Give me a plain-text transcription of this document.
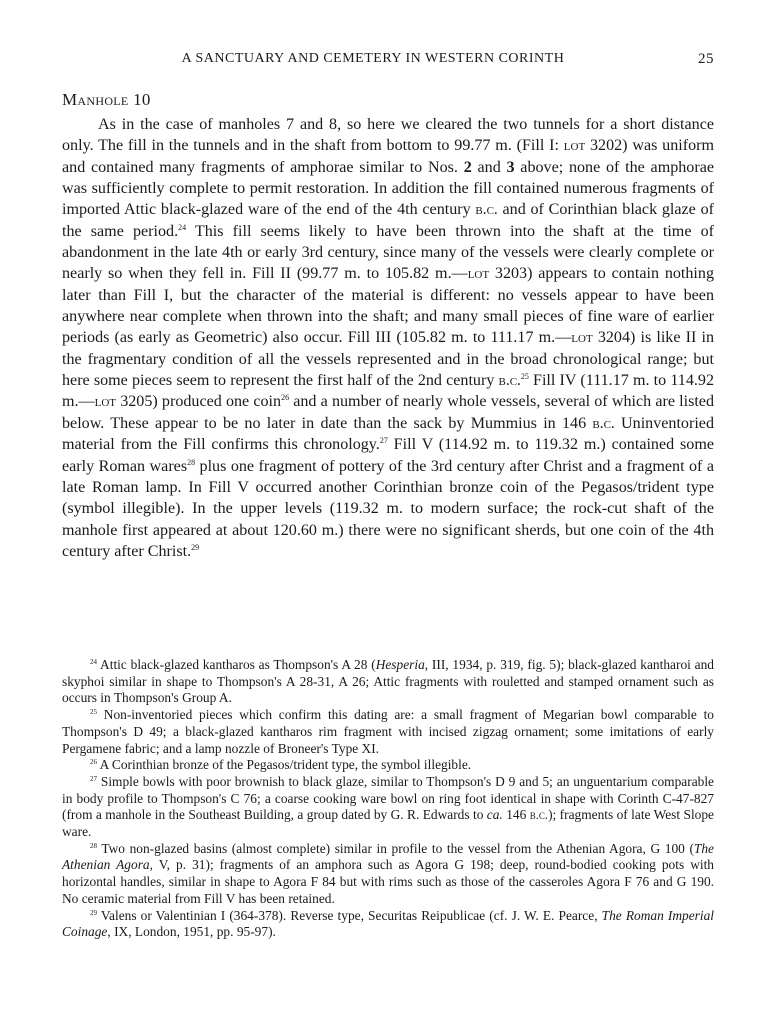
A SANCTUARY AND CEMETERY IN WESTERN CORINTH	25
Manhole 10

As in the case of manholes 7 and 8, so here we cleared the two tunnels for a short distance only. The fill in the tunnels and in the shaft from bottom to 99.77 m. (Fill I: lot 3202) was uniform and contained many fragments of amphorae similar to Nos. 2 and 3 above; none of the amphorae was sufficiently complete to permit restoration. In addition the fill contained numerous fragments of imported Attic black-glazed ware of the end of the 4th century b.c. and of Corinthian black glaze of the same period.$^{24}$ This fill seems likely to have been thrown into the shaft at the time of abandonment in the late 4th or early 3rd century, since many of the vessels were clearly complete or nearly so when they fell in. Fill II (99.77 m. to 105.82 m.—lot 3203) appears to contain nothing later than Fill I, but the character of the material is different: no vessels appear to have been anywhere near complete when thrown into the shaft; and many small pieces of fine ware of earlier periods (as early as Geometric) also occur. Fill III (105.82 m. to 111.17 m.—lot 3204) is like II in the fragmentary condition of all the vessels represented and in the broad chronological range; but here some pieces seem to represent the first half of the 2nd century b.c.$^{25}$ Fill IV (111.17 m. to 114.92 m.—lot 3205) produced one coin$^{26}$ and a number of nearly whole vessels, several of which are listed below. These appear to be no later in date than the sack by Mummius in 146 b.c. Uninventoried material from the Fill confirms this chronology.$^{27}$ Fill V (114.92 m. to 119.32 m.) contained some early Roman wares$^{28}$ plus one fragment of pottery of the 3rd century after Christ and a fragment of a late Roman lamp. In Fill V occurred another Corinthian bronze coin of the Pegasos/trident type (symbol illegible). In the upper levels (119.32 m. to modern surface; the rock-cut shaft of the manhole first appeared at about 120.60 m.) there were no significant sherds, but one coin of the 4th century after Christ.$^{29}$

$^{24}$ Attic black-glazed kantharos as Thompson's A 28 (Hesperia, III, 1934, p. 319, fig. 5); black-glazed kantharoi and skyphoi similar in shape to Thompson's A 28-31, A 26; Attic fragments with rouletted and stamped ornament such as occurs in Thompson's Group A.

$^{25}$ Non-inventoried pieces which confirm this dating are: a small fragment of Megarian bowl comparable to Thompson's D 49; a black-glazed kantharos rim fragment with incised zigzag ornament; some imitations of early Pergamene fabric; and a lamp nozzle of Broneer's Type XI.

$^{26}$ A Corinthian bronze of the Pegasos/trident type, the symbol illegible.

$^{27}$ Simple bowls with poor brownish to black glaze, similar to Thompson's D 9 and 5; an unguentarium comparable in body profile to Thompson's C 76; a coarse cooking ware bowl on ring foot identical in shape with Corinth C-47-827 (from a manhole in the Southeast Building, a group dated by G. R. Edwards to ca. 146 b.c.); fragments of late West Slope ware.

$^{28}$ Two non-glazed basins (almost complete) similar in profile to the vessel from the Athenian Agora, G 100 (The Athenian Agora, V, p. 31); fragments of an amphora such as Agora G 198; deep, round-bodied cooking pots with horizontal handles, similar in shape to Agora F 84 but with rims such as those of the casseroles Agora F 76 and G 190. No ceramic material from Fill V has been retained.

$^{29}$ Valens or Valentinian I (364-378). Reverse type, Securitas Reipublicae (cf. J. W. E. Pearce, The Roman Imperial Coinage, IX, London, 1951, pp. 95-97).
